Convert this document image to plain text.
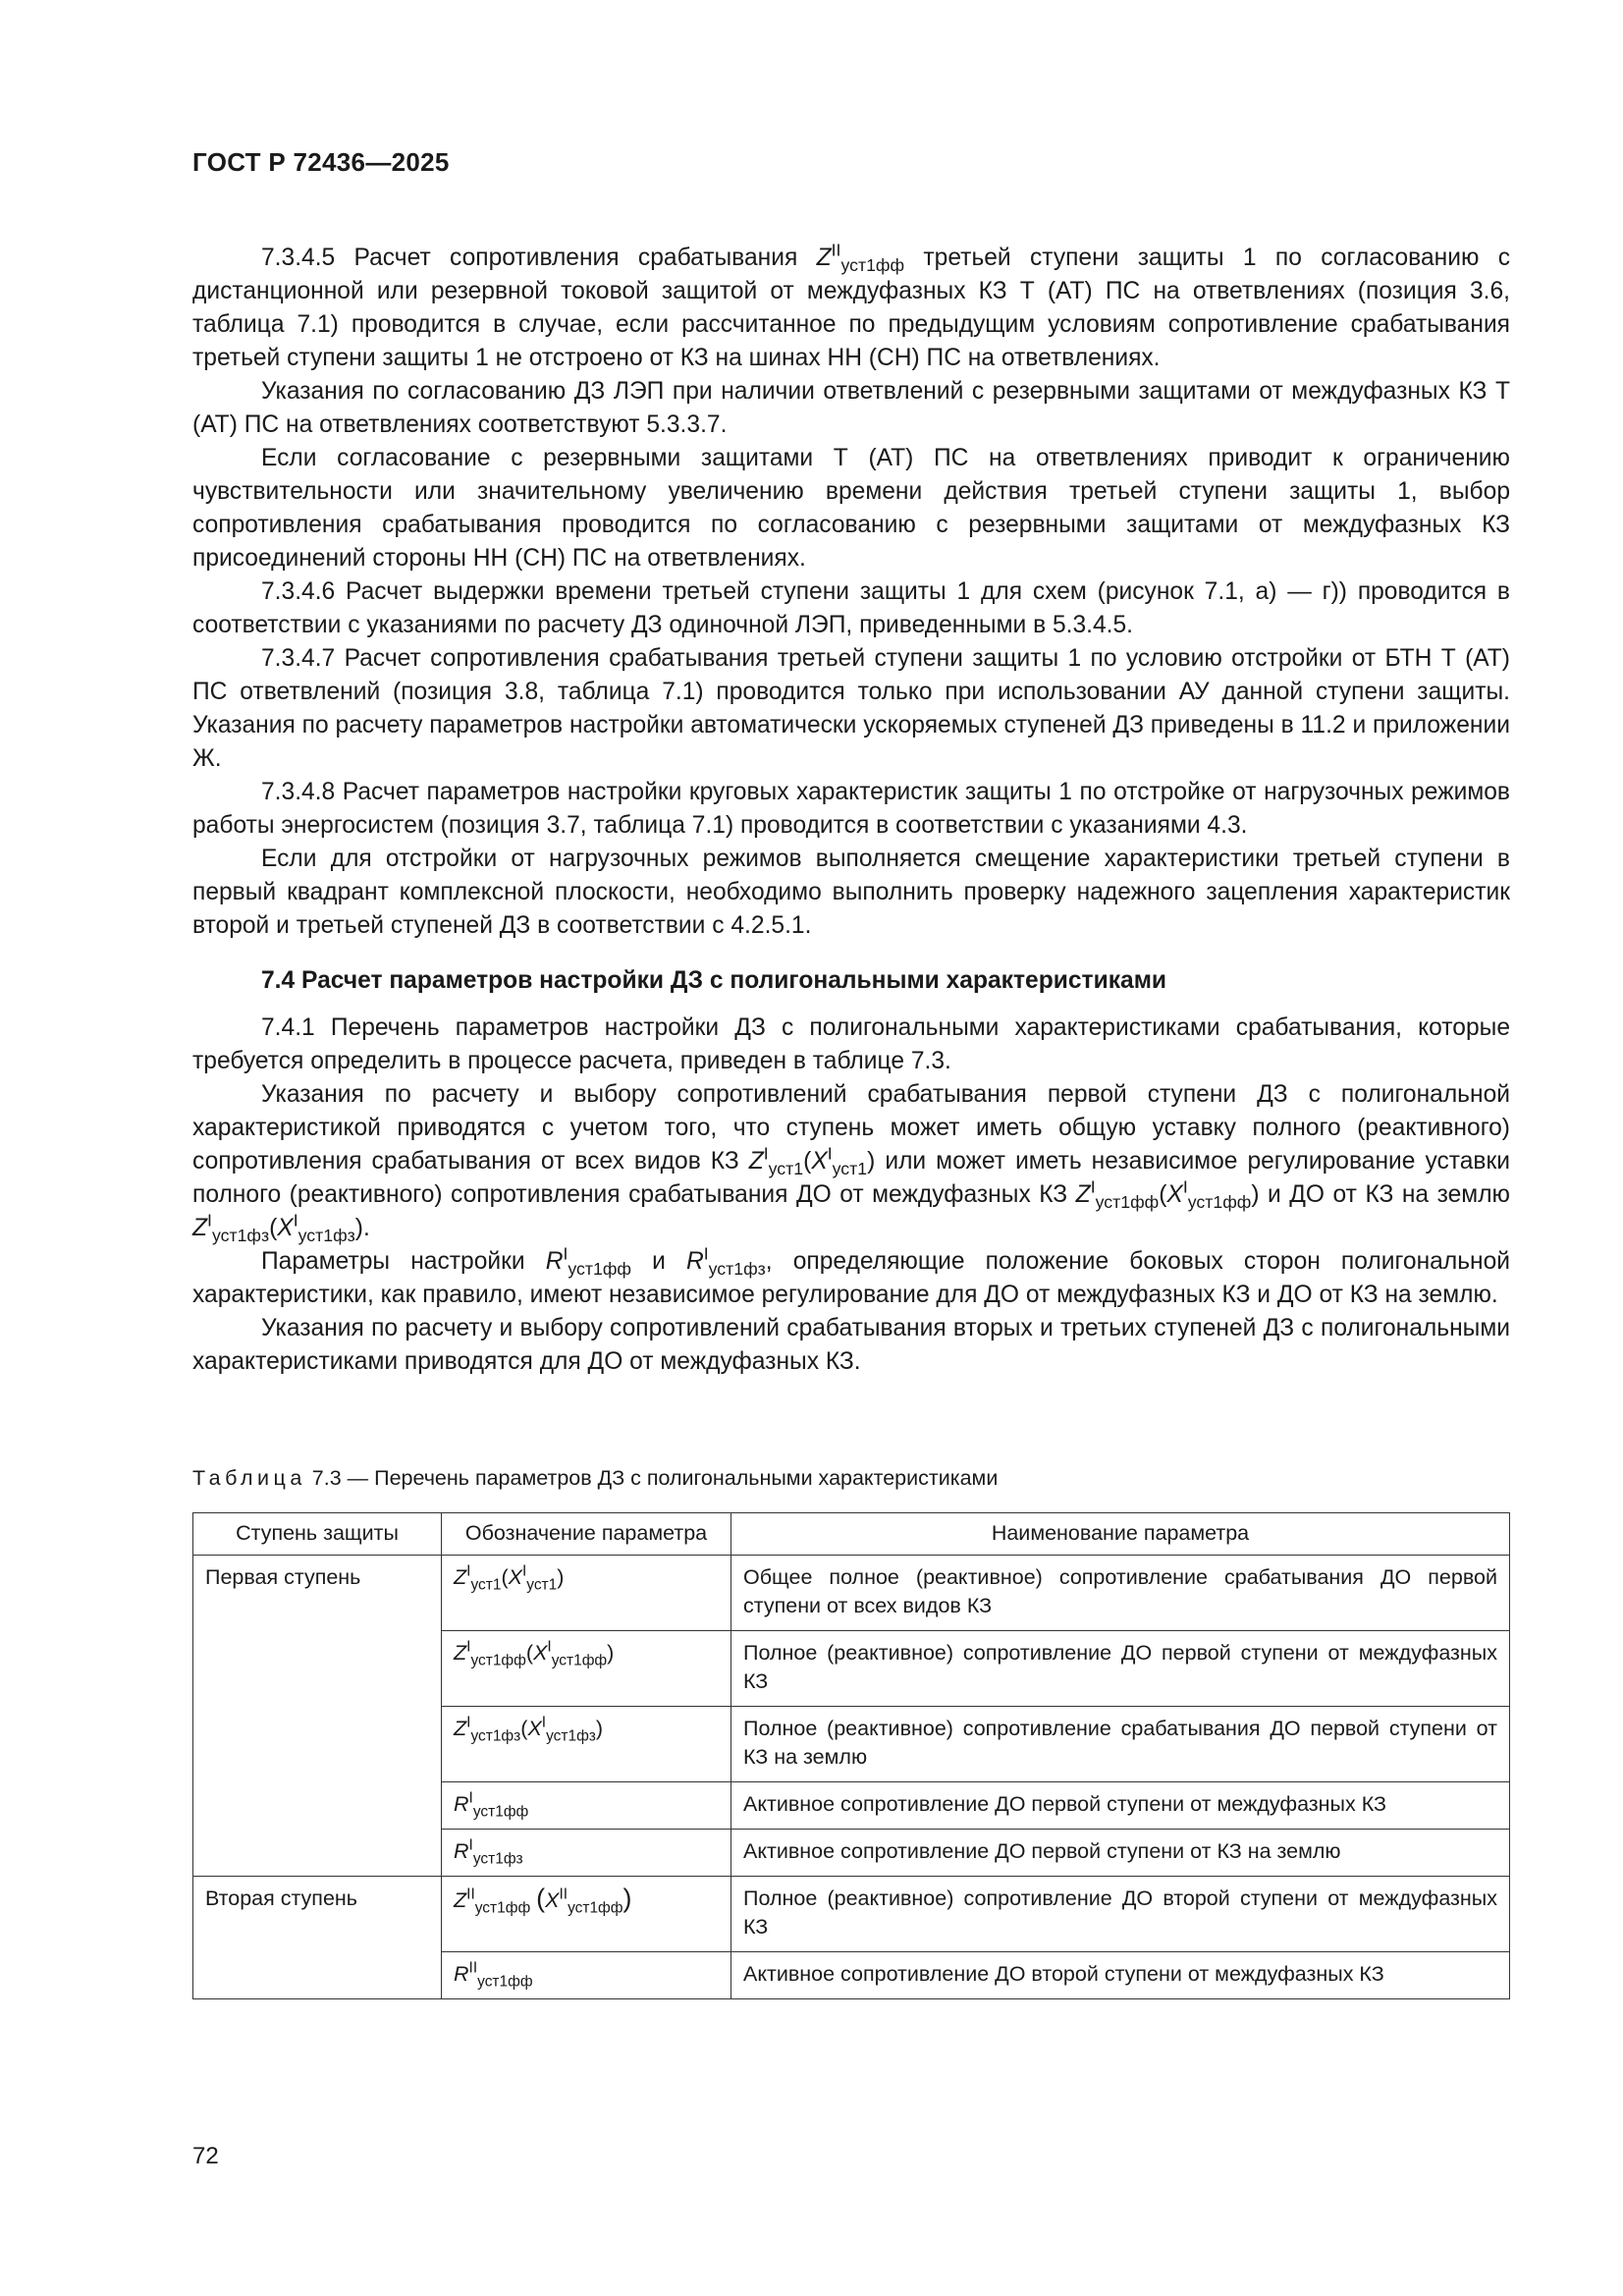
ГОСТ Р 72436—2025

7.3.4.5 Расчет сопротивления срабатывания $Z^{II}_{уст1фф}$ третьей ступени защиты 1 по согласованию с дистанционной или резервной токовой защитой от междуфазных КЗ Т (АТ) ПС на ответвлениях (позиция 3.6, таблица 7.1) проводится в случае, если рассчитанное по предыдущим условиям сопротивление срабатывания третьей ступени защиты 1 не отстроено от КЗ на шинах НН (СН) ПС на ответвлениях.

Указания по согласованию ДЗ ЛЭП при наличии ответвлений с резервными защитами от междуфазных КЗ Т (АТ) ПС на ответвлениях соответствуют 5.3.3.7.

Если согласование с резервными защитами Т (АТ) ПС на ответвлениях приводит к ограничению чувствительности или значительному увеличению времени действия третьей ступени защиты 1, выбор сопротивления срабатывания проводится по согласованию с резервными защитами от междуфазных КЗ присоединений стороны НН (СН) ПС на ответвлениях.

7.3.4.6 Расчет выдержки времени третьей ступени защиты 1 для схем (рисунок 7.1, а) — г)) проводится в соответствии с указаниями по расчету ДЗ одиночной ЛЭП, приведенными в 5.3.4.5.

7.3.4.7 Расчет сопротивления срабатывания третьей ступени защиты 1 по условию отстройки от БТН Т (АТ) ПС ответвлений (позиция 3.8, таблица 7.1) проводится только при использовании АУ данной ступени защиты. Указания по расчету параметров настройки автоматически ускоряемых ступеней ДЗ приведены в 11.2 и приложении Ж.

7.3.4.8 Расчет параметров настройки круговых характеристик защиты 1 по отстройке от нагрузочных режимов работы энергосистем (позиция 3.7, таблица 7.1) проводится в соответствии с указаниями 4.3.

Если для отстройки от нагрузочных режимов выполняется смещение характеристики третьей ступени в первый квадрант комплексной плоскости, необходимо выполнить проверку надежного зацепления характеристик второй и третьей ступеней ДЗ в соответствии с 4.2.5.1.

7.4 Расчет параметров настройки ДЗ с полигональными характеристиками

7.4.1 Перечень параметров настройки ДЗ с полигональными характеристиками срабатывания, которые требуется определить в процессе расчета, приведен в таблице 7.3.

Указания по расчету и выбору сопротивлений срабатывания первой ступени ДЗ с полигональной характеристикой приводятся с учетом того, что ступень может иметь общую уставку полного (реактивного) сопротивления срабатывания от всех видов КЗ $Z^I_{уст1}(X^I_{уст1})$ или может иметь независимое регулирование уставки полного (реактивного) сопротивления срабатывания ДО от междуфазных КЗ $Z^I_{уст1фф}(X^I_{уст1фф})$ и ДО от КЗ на землю $Z^I_{уст1фз}(X^I_{уст1фз})$.

Параметры настройки $R^I_{уст1фф}$ и $R^I_{уст1фз}$, определяющие положение боковых сторон полигональной характеристики, как правило, имеют независимое регулирование для ДО от междуфазных КЗ и ДО от КЗ на землю.

Указания по расчету и выбору сопротивлений срабатывания вторых и третьих ступеней ДЗ с полигональными характеристиками приводятся для ДО от междуфазных КЗ.

Таблица 7.3 — Перечень параметров ДЗ с полигональными характеристиками
Ступень защиты	Обозначение параметра	Наименование параметра
Первая ступень	$Z^I_{уст1}(X^I_{уст1})$	Общее полное (реактивное) сопротивление срабатывания ДО первой ступени от всех видов КЗ
	$Z^I_{уст1фф}(X^I_{уст1фф})$	Полное (реактивное) сопротивление ДО первой ступени от междуфазных КЗ
	$Z^I_{уст1фз}(X^I_{уст1фз})$	Полное (реактивное) сопротивление срабатывания ДО первой ступени от КЗ на землю
	$R^I_{уст1фф}$	Активное сопротивление ДО первой ступени от междуфазных КЗ
	$R^I_{уст1фз}$	Активное сопротивление ДО первой ступени от КЗ на землю
Вторая ступень	$Z^{II}_{уст1фф}$ $(X^{II}_{уст1фф})$	Полное (реактивное) сопротивление ДО второй ступени от междуфазных КЗ
	$R^{II}_{уст1фф}$	Активное сопротивление ДО второй ступени от междуфазных КЗ
72
